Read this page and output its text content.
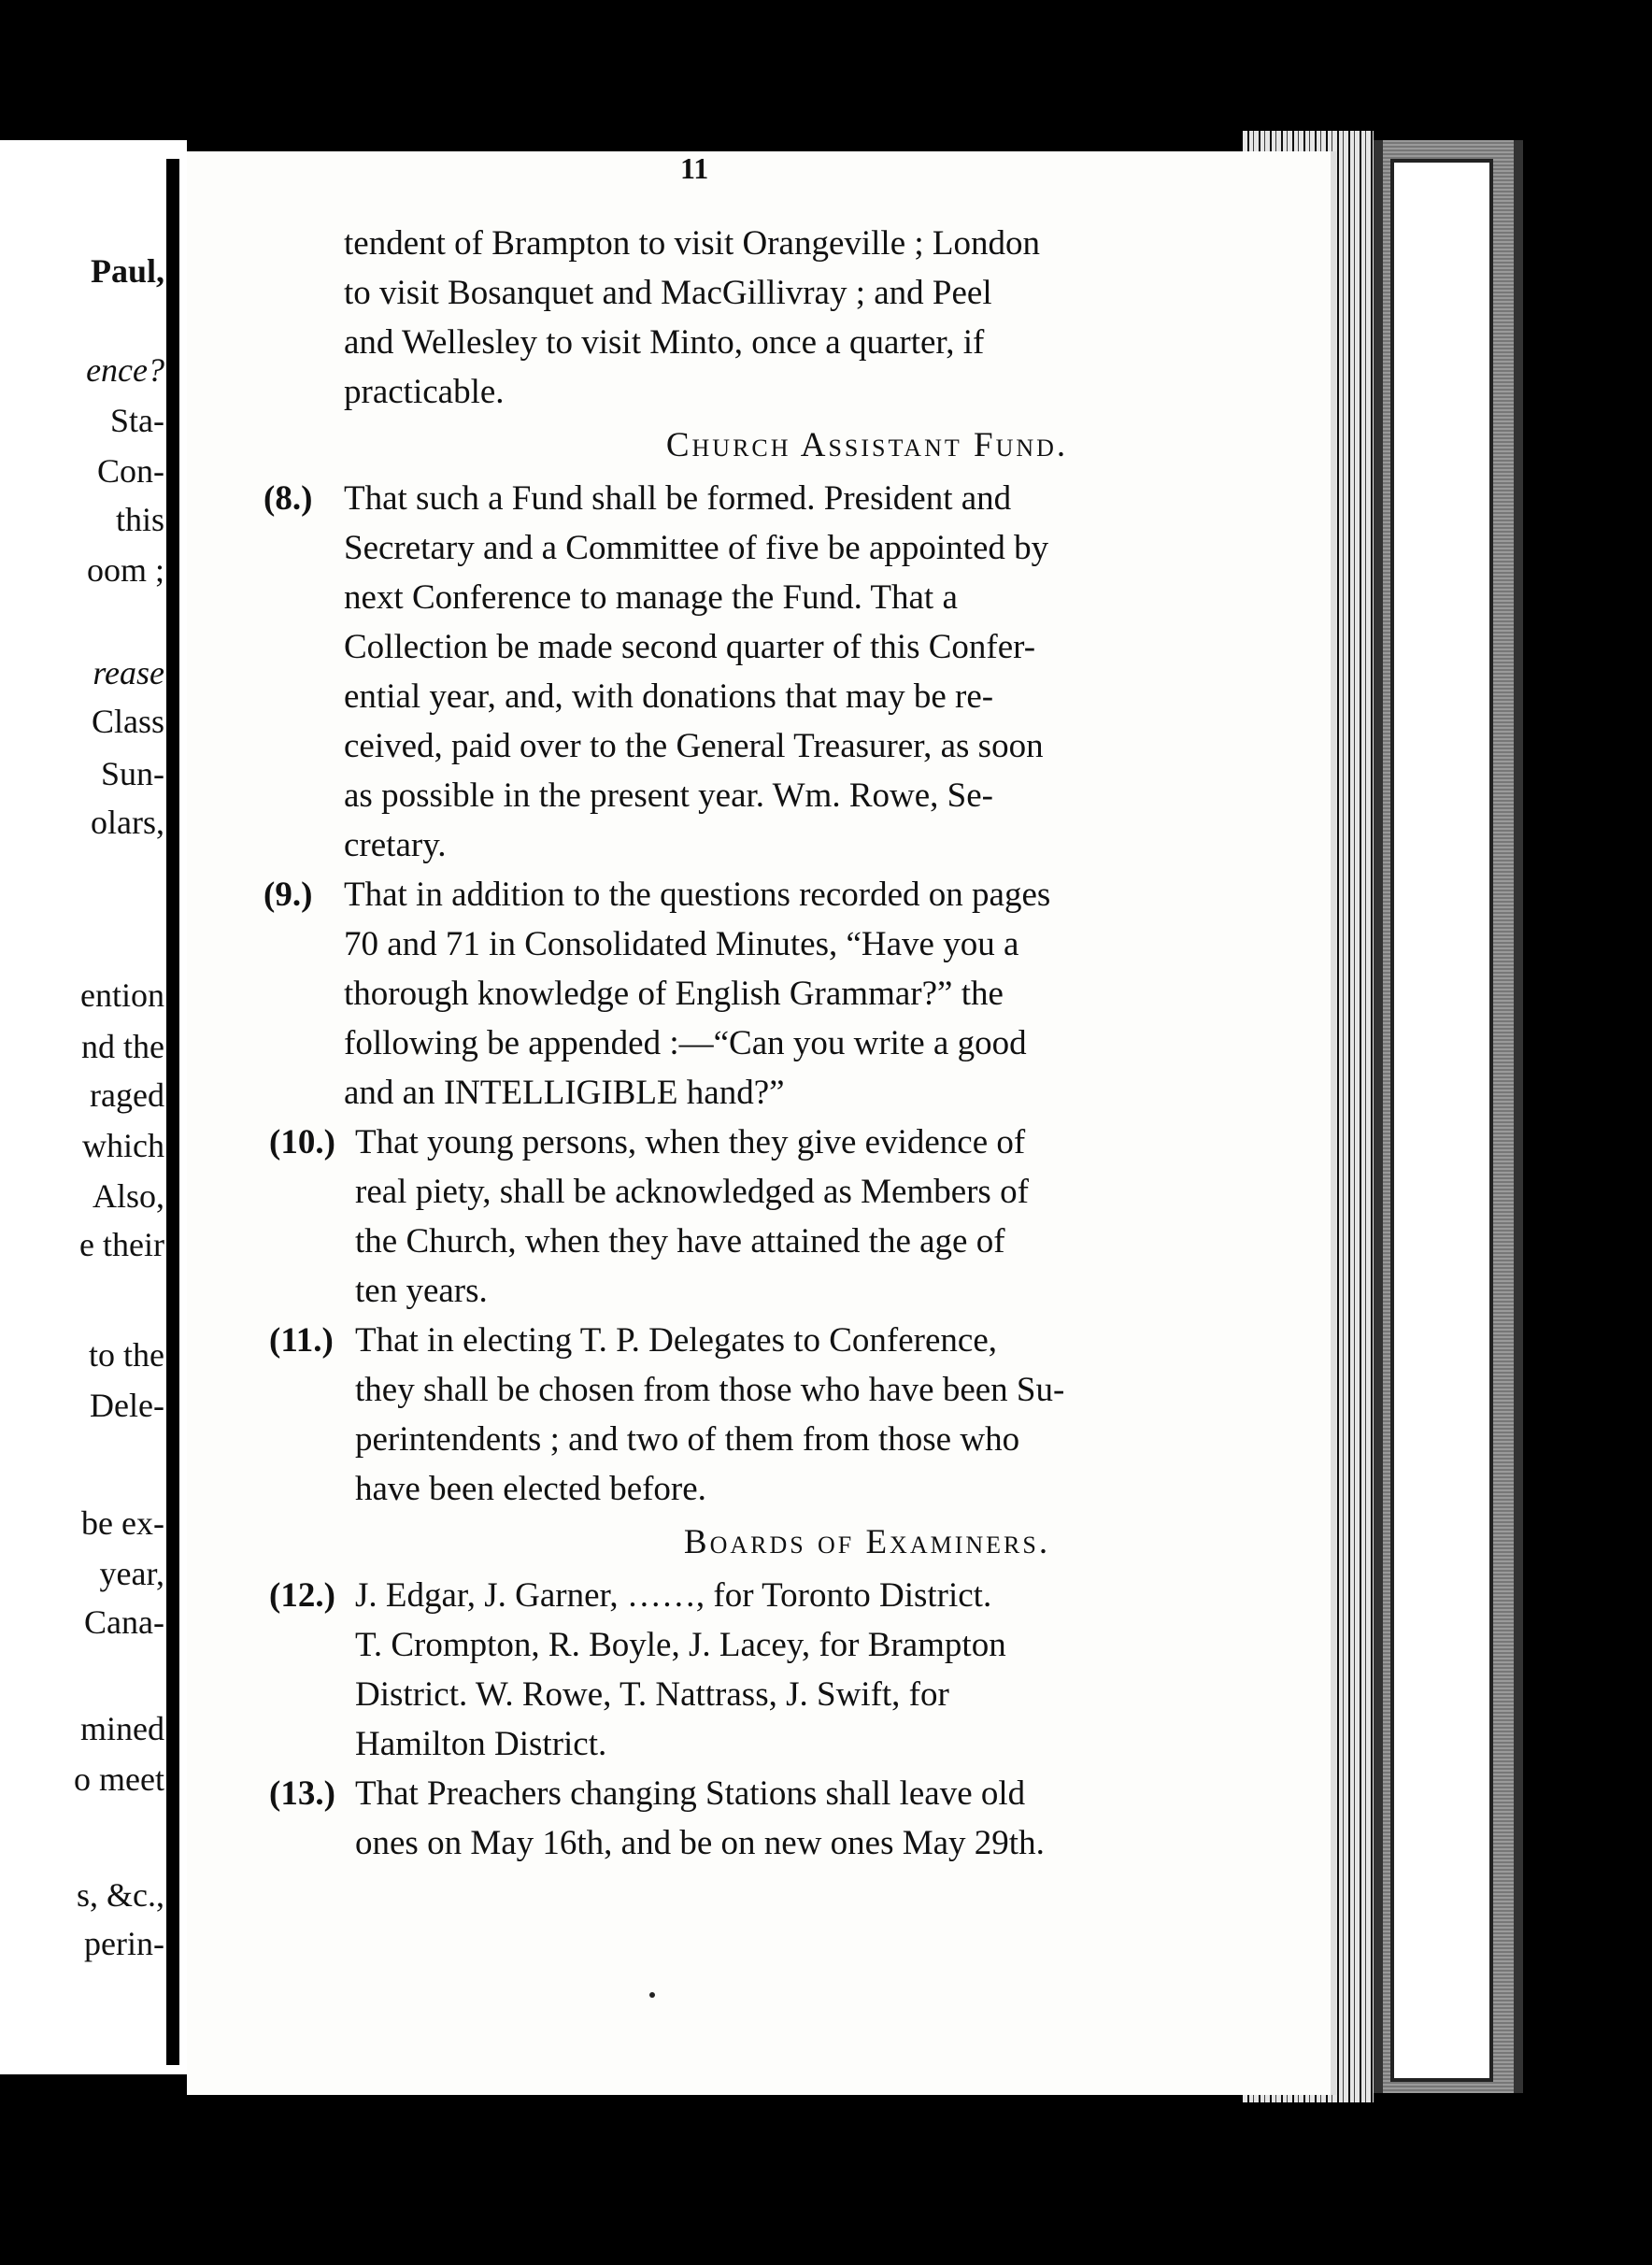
Paul,
ence?
Sta-
Con-
this
oom ;
rease
Class
Sun-
olars,
ention
nd the
raged
which
Also,
e their
to the
Dele-
be ex-
year,
Cana-
mined
o meet
s, &c.,
perin-
11
tendent of Brampton to visit Orangeville ; London
to visit Bosanquet and MacGillivray ; and Peel
and Wellesley to visit Minto, once a quarter, if
practicable.
Church Assistant Fund.
(8.) That such a Fund shall be formed. President and
Secretary and a Committee of five be appointed by
next Conference to manage the Fund. That a
Collection be made second quarter of this Confer-
ential year, and, with donations that may be re-
ceived, paid over to the General Treasurer, as soon
as possible in the present year. Wm. Rowe, Se-
cretary.
(9.) That in addition to the questions recorded on pages
70 and 71 in Consolidated Minutes, “Have you a
thorough knowledge of English Grammar?” the
following be appended :—“Can you write a good
and an INTELLIGIBLE hand?”
(10.) That young persons, when they give evidence of
real piety, shall be acknowledged as Members of
the Church, when they have attained the age of
ten years.
(11.) That in electing T. P. Delegates to Conference,
they shall be chosen from those who have been Su-
perintendents ; and two of them from those who
have been elected before.
Boards of Examiners.
(12.) J. Edgar, J. Garner, ……, for Toronto District.
T. Crompton, R. Boyle, J. Lacey, for Brampton
District. W. Rowe, T. Nattrass, J. Swift, for
Hamilton District.
(13.) That Preachers changing Stations shall leave old
ones on May 16th, and be on new ones May 29th.
